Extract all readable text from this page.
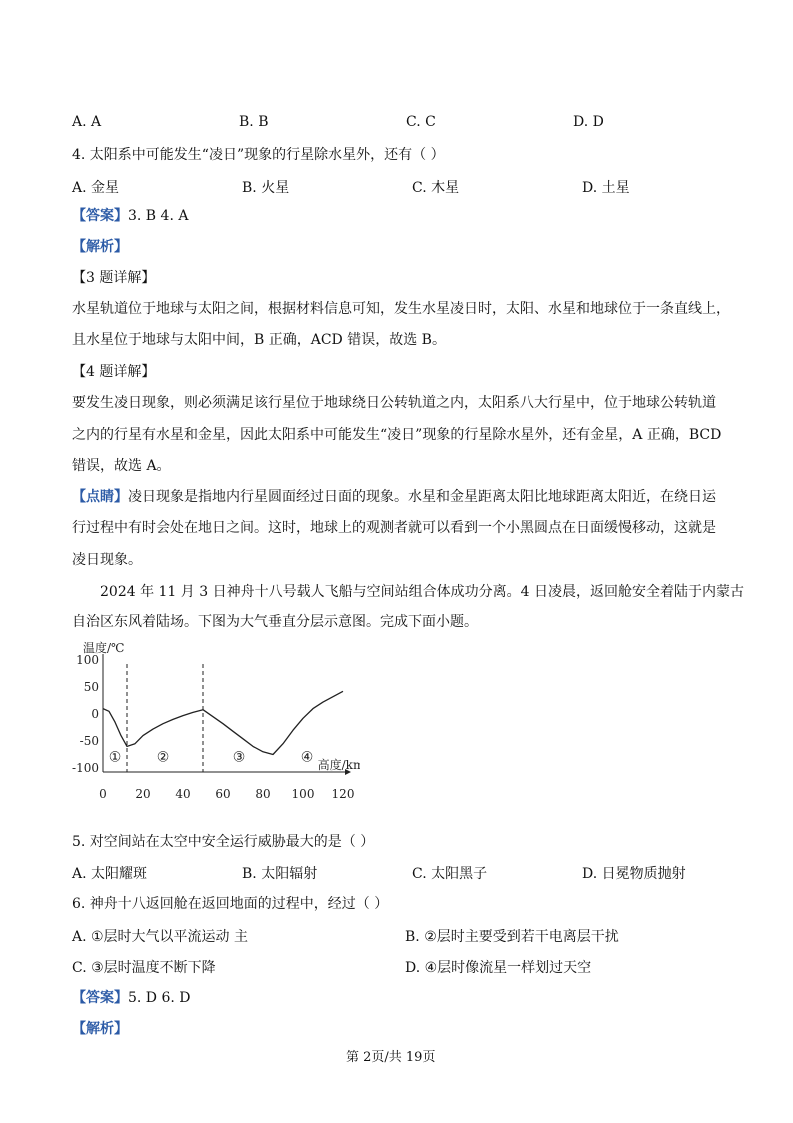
A. A	B. B	C. C	D. D
4. 太阳系中可能发生“凌日”现象的行星除水星外，还有（ ）
A. 金星	B. 火星	C. 木星	D. 土星
【答案】3. B 4. A
【解析】
【3 题详解】
水星轨道位于地球与太阳之间，根据材料信息可知，发生水星凌日时，太阳、水星和地球位于一条直线上，
且水星位于地球与太阳中间，B 正确，ACD 错误，故选 B。
【4 题详解】
要发生凌日现象，则必须满足该行星位于地球绕日公转轨道之内，太阳系八大行星中，位于地球公转轨道
之内的行星有水星和金星，因此太阳系中可能发生“凌日”现象的行星除水星外，还有金星，A 正确，BCD
错误，故选 A。
【点睛】凌日现象是指地内行星圆面经过日面的现象。水星和金星距离太阳比地球距离太阳近，在绕日运
行过程中有时会处在地日之间。这时，地球上的观测者就可以看到一个小黑圆点在日面缓慢移动，这就是
凌日现象。
2024 年 11 月 3 日神舟十八号载人飞船与空间站组合体成功分离。4 日凌晨，返回舱安全着陆于内蒙古
自治区东风着陆场。下图为大气垂直分层示意图。完成下面小题。
100
50
0
-50
-100
0 20 40 60 80 100 120
温度/℃
高度/km
①	②	③	④
5. 对空间站在太空中安全运行威胁最大的是（ ）
A. 太阳耀斑	B. 太阳辐射	C. 太阳黑子	D. 日冕物质抛射
6. 神舟十八返回舱在返回地面的过程中，经过（ ）
A. ①层时大气以平流运动 主	B. ②层时主要受到若干电离层干扰
C. ③层时温度不断下降	D. ④层时像流星一样划过天空
【答案】5. D 6. D
【解析】
第 2页/共 19页
